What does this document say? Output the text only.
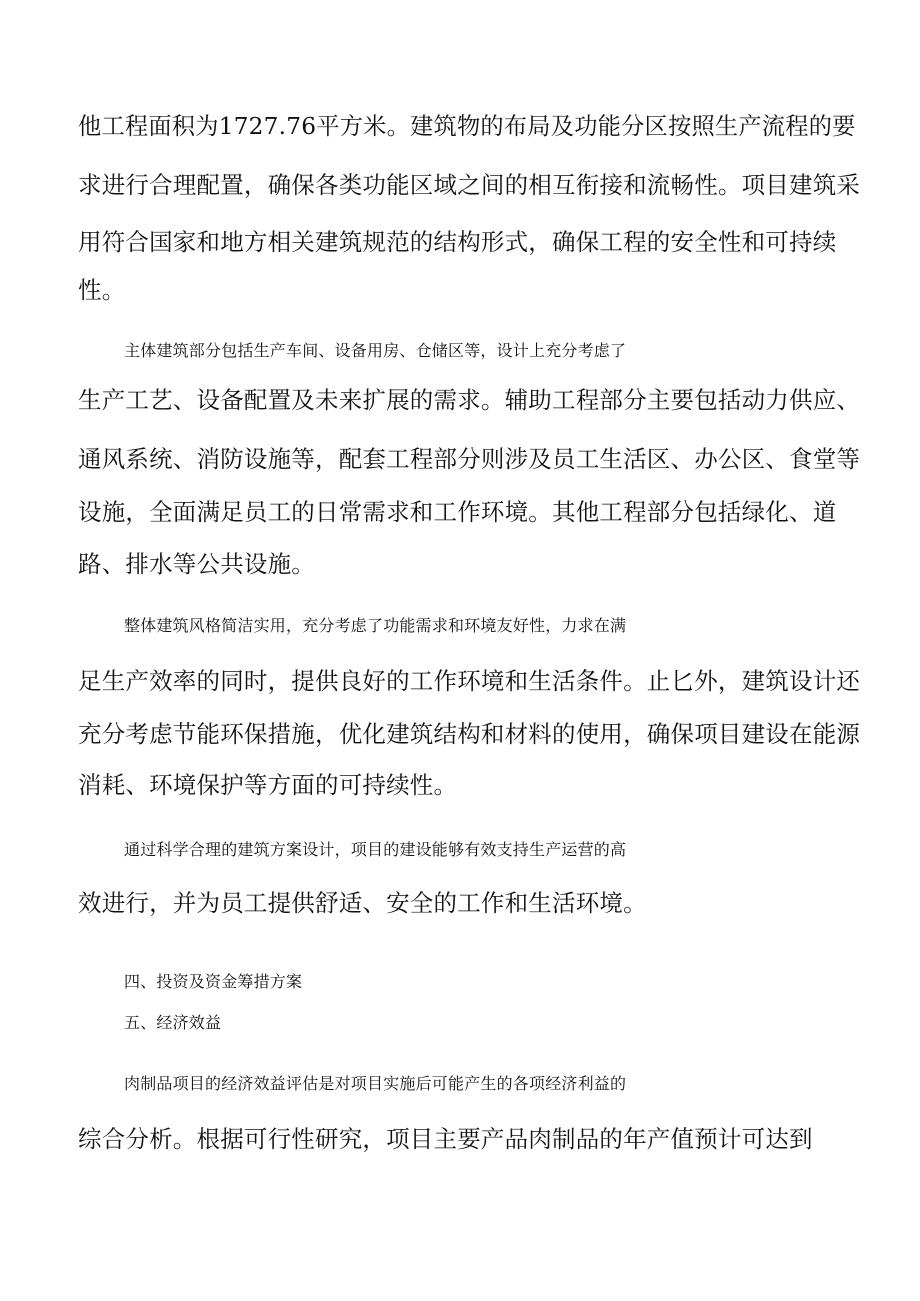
他工程面积为1727.76平方米。建筑物的布局及功能分区按照生产流程的要
求进行合理配置，确保各类功能区域之间的相互衔接和流畅性。项目建筑采
用符合国家和地方相关建筑规范的结构形式，确保工程的安全性和可持续
性。
主体建筑部分包括生产车间、设备用房、仓储区等，设计上充分考虑了
生产工艺、设备配置及未来扩展的需求。辅助工程部分主要包括动力供应、
通风系统、消防设施等，配套工程部分则涉及员工生活区、办公区、食堂等
设施，全面满足员工的日常需求和工作环境。其他工程部分包括绿化、道
路、排水等公共设施。
整体建筑风格简洁实用，充分考虑了功能需求和环境友好性，力求在满
足生产效率的同时，提供良好的工作环境和生活条件。止匕外，建筑设计还
充分考虑节能环保措施，优化建筑结构和材料的使用，确保项目建设在能源
消耗、环境保护等方面的可持续性。
通过科学合理的建筑方案设计，项目的建设能够有效支持生产运营的高
效进行，并为员工提供舒适、安全的工作和生活环境。
四、投资及资金筹措方案
五、经济效益
肉制品项目的经济效益评估是对项目实施后可能产生的各项经济利益的
综合分析。根据可行性研究，项目主要产品肉制品的年产值预计可达到
